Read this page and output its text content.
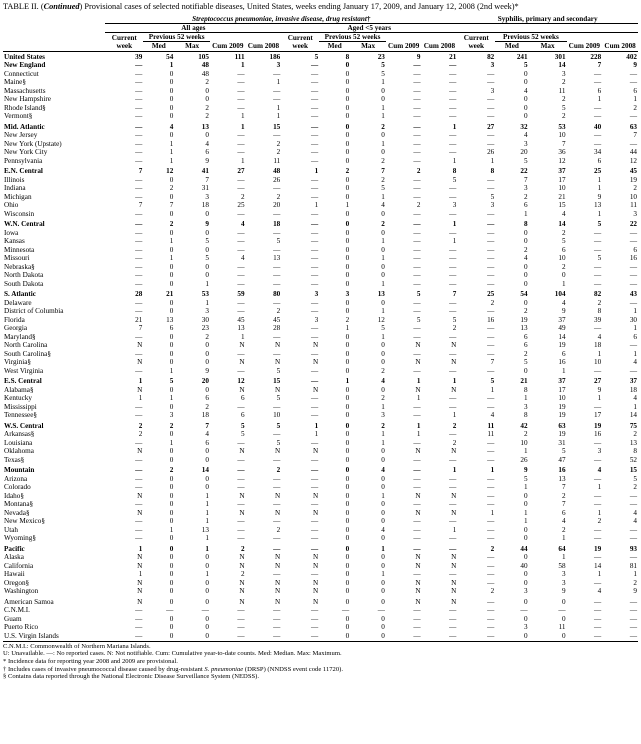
TABLE II. (Continued) Provisional cases of selected notifiable diseases, United States, weeks ending January 17, 2009, and January 12, 2008 (2nd week)*
	Streptococcus pneumoniae, invasive disease, drug resistant†										Syphilis, primary and secondary				
	All ages					Aged <5 years									
	Current week	Previous 52 weeks		Cum 2009	Cum 2008	Current week	Previous 52 weeks		Cum 2009	Cum 2008	Current week	Previous 52 weeks		Cum 2009	Cum 2008
		Med	Max				Med	Max				Med	Max		

United States	39	54	105	111	186	5	8	23	9	21	82	241	301	228	402
New England	—	1	48	1	3	—	0	5	—	—	3	5	14	7	9
Connecticut	—	0	48	—	—	—	0	5	—	—	—	0	3	—	—
Maine§	—	0	2	—	1	—	0	1	—	—	—	0	2	—	—
Massachusetts	—	0	0	—	—	—	0	0	—	—	3	4	11	6	6
New Hampshire	—	0	0	—	—	—	0	0	—	—	—	0	2	1	1
Rhode Island§	—	0	2	—	1	—	0	1	—	—	—	0	5	—	2
Vermont§	—	0	2	1	1	—	0	1	—	—	—	0	2	—	—

Mid. Atlantic	—	4	13	1	15	—	0	2	—	1	27	32	53	40	63
New Jersey	—	0	0	—	—	—	0	0	—	—	—	4	10	—	7
New York (Upstate)	—	1	4	—	2	—	0	1	—	—	—	3	7	—	—
New York City	—	1	6	—	2	—	0	0	—	—	26	20	36	34	44
Pennsylvania	—	1	9	1	11	—	0	2	—	1	1	5	12	6	12

E.N. Central	7	12	41	27	48	1	2	7	2	8	8	22	37	25	45
Illinois	—	0	7	—	26	—	0	2	—	5	—	7	17	1	19
Indiana	—	2	31	—	—	—	0	5	—	—	—	3	10	1	2
Michigan	—	0	3	2	2	—	0	1	—	—	5	2	21	9	10
Ohio	7	7	18	25	20	1	1	4	2	3	3	6	15	13	11
Wisconsin	—	0	0	—	—	—	0	0	—	—	—	1	4	1	3

W.N. Central	—	2	9	4	18	—	0	2	—	1	—	8	14	5	22
Iowa	—	0	0	—	—	—	0	0	—	—	—	0	2	—	—
Kansas	—	1	5	—	5	—	0	1	—	1	—	0	5	—	—
Minnesota	—	0	0	—	—	—	0	0	—	—	—	2	6	—	6
Missouri	—	1	5	4	13	—	0	1	—	—	—	4	10	5	16
Nebraska§	—	0	0	—	—	—	0	0	—	—	—	0	2	—	—
North Dakota	—	0	0	—	—	—	0	0	—	—	—	0	0	—	—
South Dakota	—	0	1	—	—	—	0	1	—	—	—	0	1	—	—

S. Atlantic	28	21	53	59	80	3	3	13	5	7	25	54	104	82	43
Delaware	—	0	1	—	—	—	0	0	—	—	2	0	4	2	—
District of Columbia	—	0	3	—	2	—	0	1	—	—	—	2	9	8	1
Florida	21	13	30	45	45	3	2	12	5	5	16	19	37	39	30
Georgia	7	6	23	13	28	—	1	5	—	2	—	13	49	—	1
Maryland§	—	0	2	1	—	—	0	1	—	—	—	6	14	4	6
North Carolina	N	0	0	N	N	N	0	0	N	N	—	6	19	18	—
South Carolina§	—	0	0	—	—	—	0	0	—	—	—	2	6	1	1
Virginia§	N	0	0	N	N	N	0	0	N	N	7	5	16	10	4
West Virginia	—	1	9	—	5	—	0	2	—	—	—	0	1	—	—

E.S. Central	1	5	20	12	15	—	1	4	1	1	5	21	37	27	37
Alabama§	N	0	0	N	N	N	0	0	N	N	1	8	17	9	18
Kentucky	1	1	6	6	5	—	0	2	1	—	—	1	10	1	4
Mississippi	—	0	2	—	—	—	0	1	—	—	—	3	19	—	1
Tennessee§	—	3	18	6	10	—	0	3	—	1	4	8	19	17	14

W.S. Central	2	2	7	5	5	1	0	2	1	2	11	42	63	19	75
Arkansas§	2	0	4	5	—	1	0	1	1	—	11	2	19	16	2
Louisiana	—	1	6	—	5	—	0	1	—	2	—	10	31	—	13
Oklahoma	N	0	0	N	N	N	0	0	N	N	—	1	5	3	8
Texas§	—	0	0	—	—	—	0	0	—	—	—	26	47	—	52

Mountain	—	2	14	—	2	—	0	4	—	1	1	9	16	4	15
Arizona	—	0	0	—	—	—	0	0	—	—	—	5	13	—	5
Colorado	—	0	0	—	—	—	0	0	—	—	—	1	7	1	2
Idaho§	N	0	1	N	N	N	0	1	N	N	—	0	2	—	—
Montana§	—	0	1	—	—	—	0	0	—	—	—	0	7	—	—
Nevada§	N	0	1	N	N	N	0	0	N	N	1	1	6	1	4
New Mexico§	—	0	1	—	—	—	0	0	—	—	—	1	4	2	4
Utah	—	1	13	—	2	—	0	4	—	1	—	0	2	—	—
Wyoming§	—	0	1	—	—	—	0	0	—	—	—	0	1	—	—

Pacific	1	0	1	2	—	—	0	1	—	—	2	44	64	19	93
Alaska	N	0	0	N	N	N	0	0	N	N	—	0	1	—	—
California	N	0	0	N	N	N	0	0	N	N	—	40	58	14	81
Hawaii	1	0	1	2	—	—	0	1	—	—	—	0	3	1	1
Oregon§	N	0	0	N	N	N	0	0	N	N	—	0	3	—	2
Washington	N	0	0	N	N	N	0	0	N	N	2	3	9	4	9

American Samoa	N	0	0	N	N	N	0	0	N	N	—	0	0	—	—
C.N.M.I.	—	—	—	—	—	—	—	—	—	—	—	—	—	—	—
Guam	—	0	0	—	—	—	0	0	—	—	—	0	0	—	—
Puerto Rico	—	0	0	—	—	—	0	0	—	—	—	3	11	—	—
U.S. Virgin Islands	—	0	0	—	—	—	0	0	—	—	—	0	0	—	—
C.N.M.I.: Commonwealth of Northern Mariana Islands.
U: Unavailable. —: No reported cases. N: Not notifiable. Cum: Cumulative year-to-date counts. Med: Median. Max: Maximum.
* Incidence data for reporting year 2008 and 2009 are provisional.
† Includes cases of invasive pneumococcal disease caused by drug-resistant S. pneumoniae (DRSP) (NNDSS event code 11720).
§ Contains data reported through the National Electronic Disease Surveillance System (NEDSS).
